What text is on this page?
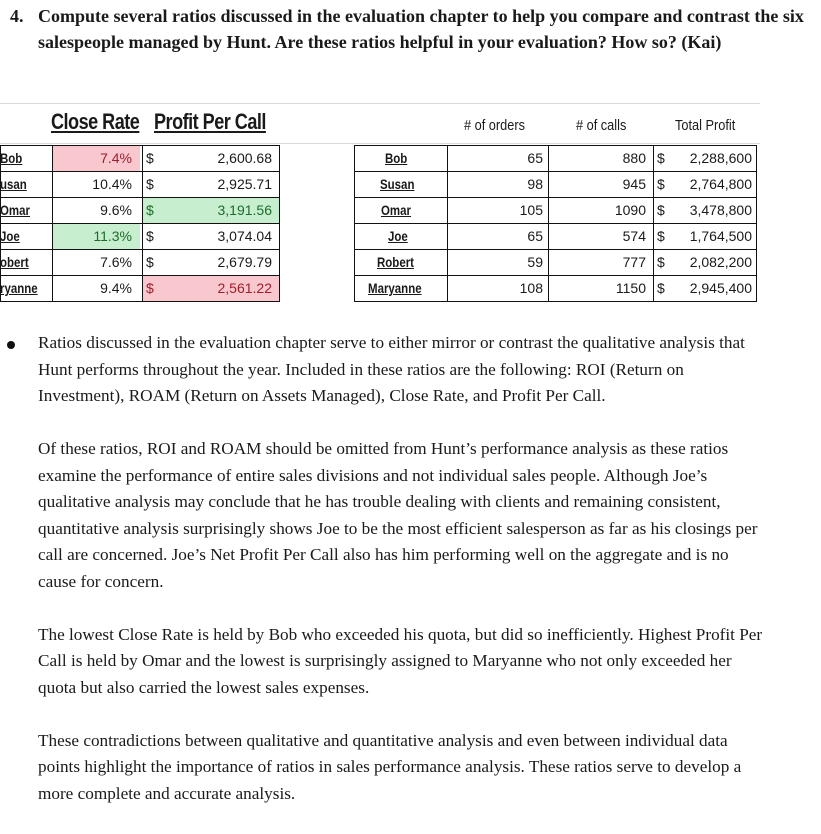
4. Compute several ratios discussed in the evaluation chapter to help you compare and contrast the six salespeople managed by Hunt. Are these ratios helpful in your evaluation? How so? (Kai)
Close Rate Profit Per Call	# of orders	# of calls	Total Profit
Bob	7.4% $	2,600.68
usan	10.4% $	2,925.71
Omar	9.6% $	3,191.56
Joe	11.3% $	3,074.04
obert	7.6% $	2,679.79
ryanne	9.4% $	2,561.22
Bob	65	880 $	2,288,600
Susan	98	945 $	2,764,800
Omar	105	1090 $	3,478,800
Joe	65	574 $	1,764,500
Robert	59	777 $	2,082,200
Maryanne	108	1150 $	2,945,400

Ratios discussed in the evaluation chapter serve to either mirror or contrast the qualitative analysis that Hunt performs throughout the year. Included in these ratios are the following: ROI (Return on Investment), ROAM (Return on Assets Managed), Close Rate, and Profit Per Call.

Of these ratios, ROI and ROAM should be omitted from Hunt’s performance analysis as these ratios examine the performance of entire sales divisions and not individual sales people. Although Joe’s qualitative analysis may conclude that he has trouble dealing with clients and remaining consistent, quantitative analysis surprisingly shows Joe to be the most efficient salesperson as far as his closings per call are concerned. Joe’s Net Profit Per Call also has him performing well on the aggregate and is no cause for concern.

The lowest Close Rate is held by Bob who exceeded his quota, but did so inefficiently. Highest Profit Per Call is held by Omar and the lowest is surprisingly assigned to Maryanne who not only exceeded her quota but also carried the lowest sales expenses.

These contradictions between qualitative and quantitative analysis and even between individual data points highlight the importance of ratios in sales performance analysis. These ratios serve to develop a more complete and accurate analysis.
